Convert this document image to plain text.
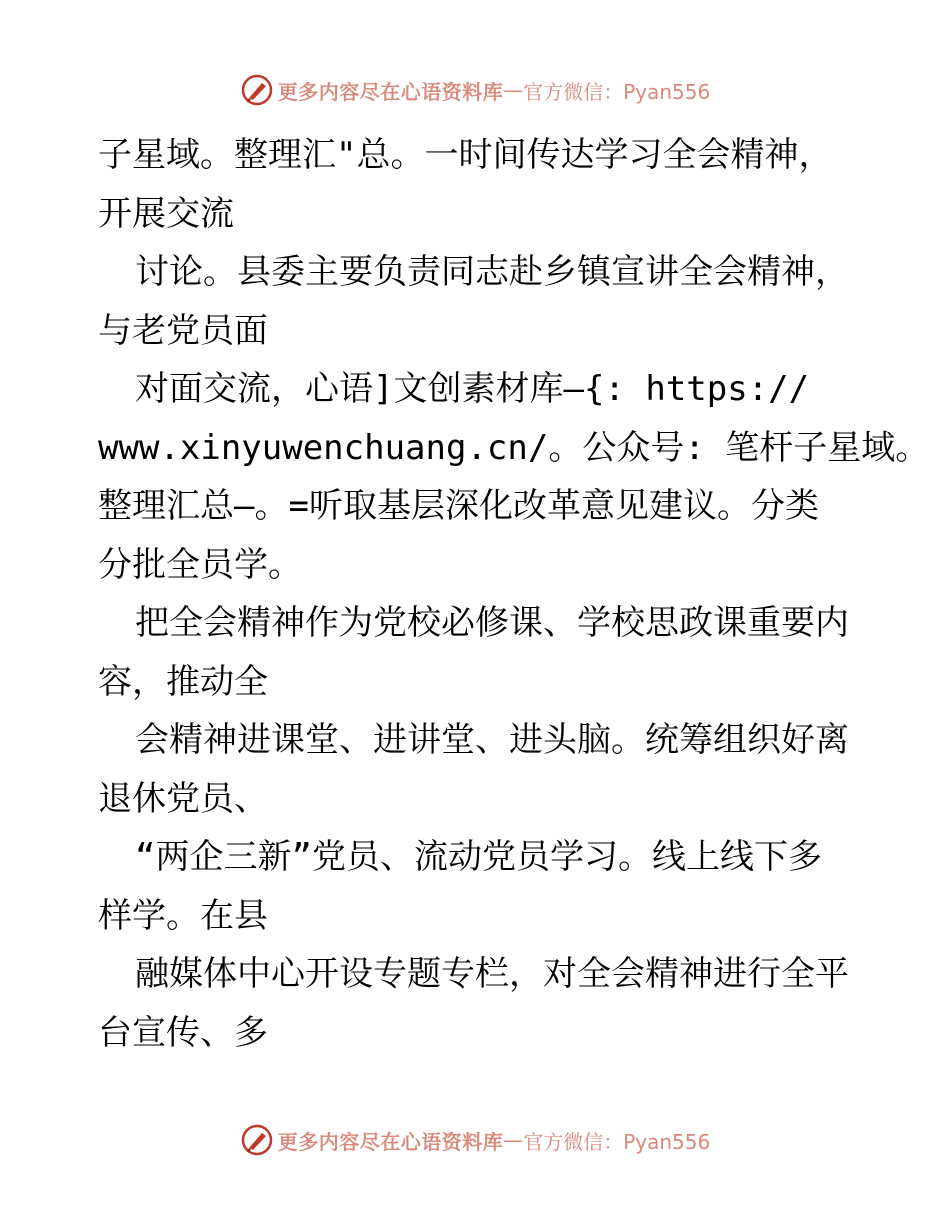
更多内容尽在心语资料库 — 官方微信：Pyan556
子星域。整理汇"总。一时间传达学习全会精神，
开展交流
讨论。县委主要负责同志赴乡镇宣讲全会精神，
与老党员面
对面交流，心语]文创素材库—{: https://
www.xinyuwenchuang.cn/。公众号: 笔杆子星域。
整理汇总—。=听取基层深化改革意见建议。分类
分批全员学。
把全会精神作为党校必修课、学校思政课重要内
容，推动全
会精神进课堂、进讲堂、进头脑。统筹组织好离
退休党员、
“两企三新”党员、流动党员学习。线上线下多
样学。在县
融媒体中心开设专题专栏，对全会精神进行全平
台宣传、多
更多内容尽在心语资料库 — 官方微信：Pyan556
